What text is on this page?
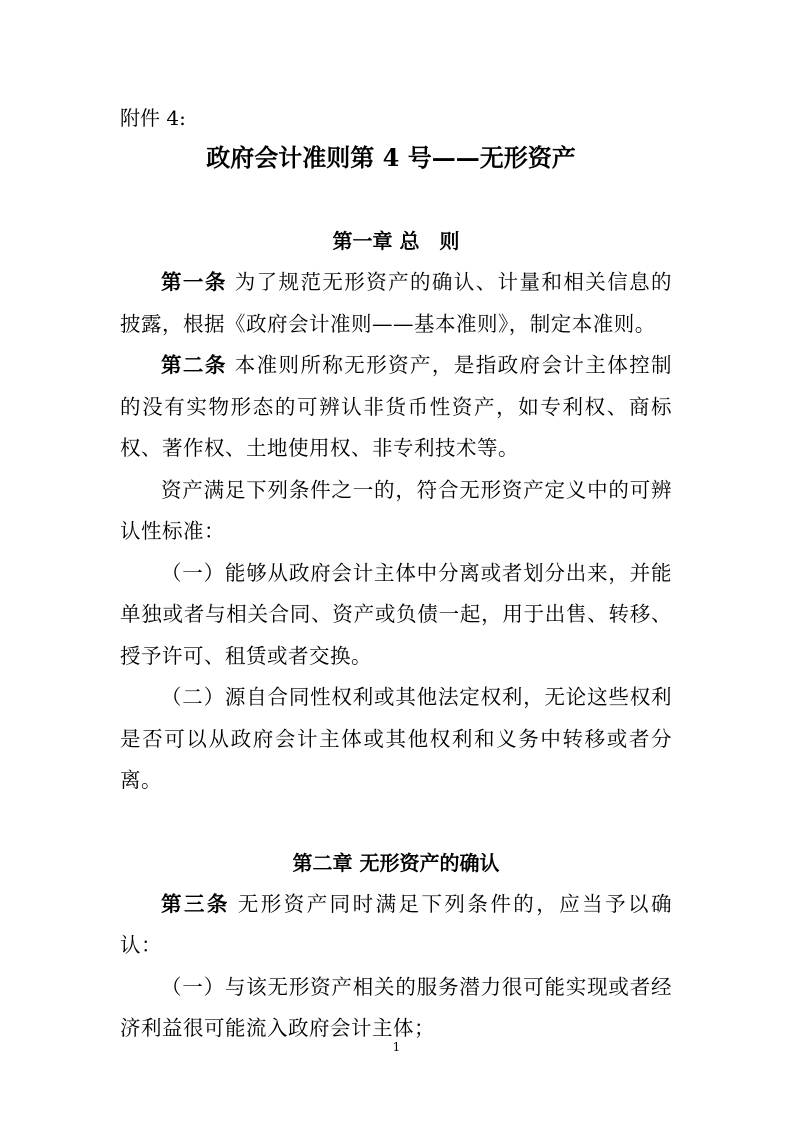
附件 4:
政府会计准则第 4 号——无形资产
第一章 总　则

第一条 为了规范无形资产的确认、计量和相关信息的披露，根据《政府会计准则——基本准则》，制定本准则。

第二条 本准则所称无形资产，是指政府会计主体控制的没有实物形态的可辨认非货币性资产，如专利权、商标权、著作权、土地使用权、非专利技术等。

资产满足下列条件之一的，符合无形资产定义中的可辨认性标准：

（一）能够从政府会计主体中分离或者划分出来，并能单独或者与相关合同、资产或负债一起，用于出售、转移、授予许可、租赁或者交换。

（二）源自合同性权利或其他法定权利，无论这些权利是否可以从政府会计主体或其他权利和义务中转移或者分离。

第二章 无形资产的确认

第三条 无形资产同时满足下列条件的，应当予以确认：

（一）与该无形资产相关的服务潜力很可能实现或者经济利益很可能流入政府会计主体；

1
